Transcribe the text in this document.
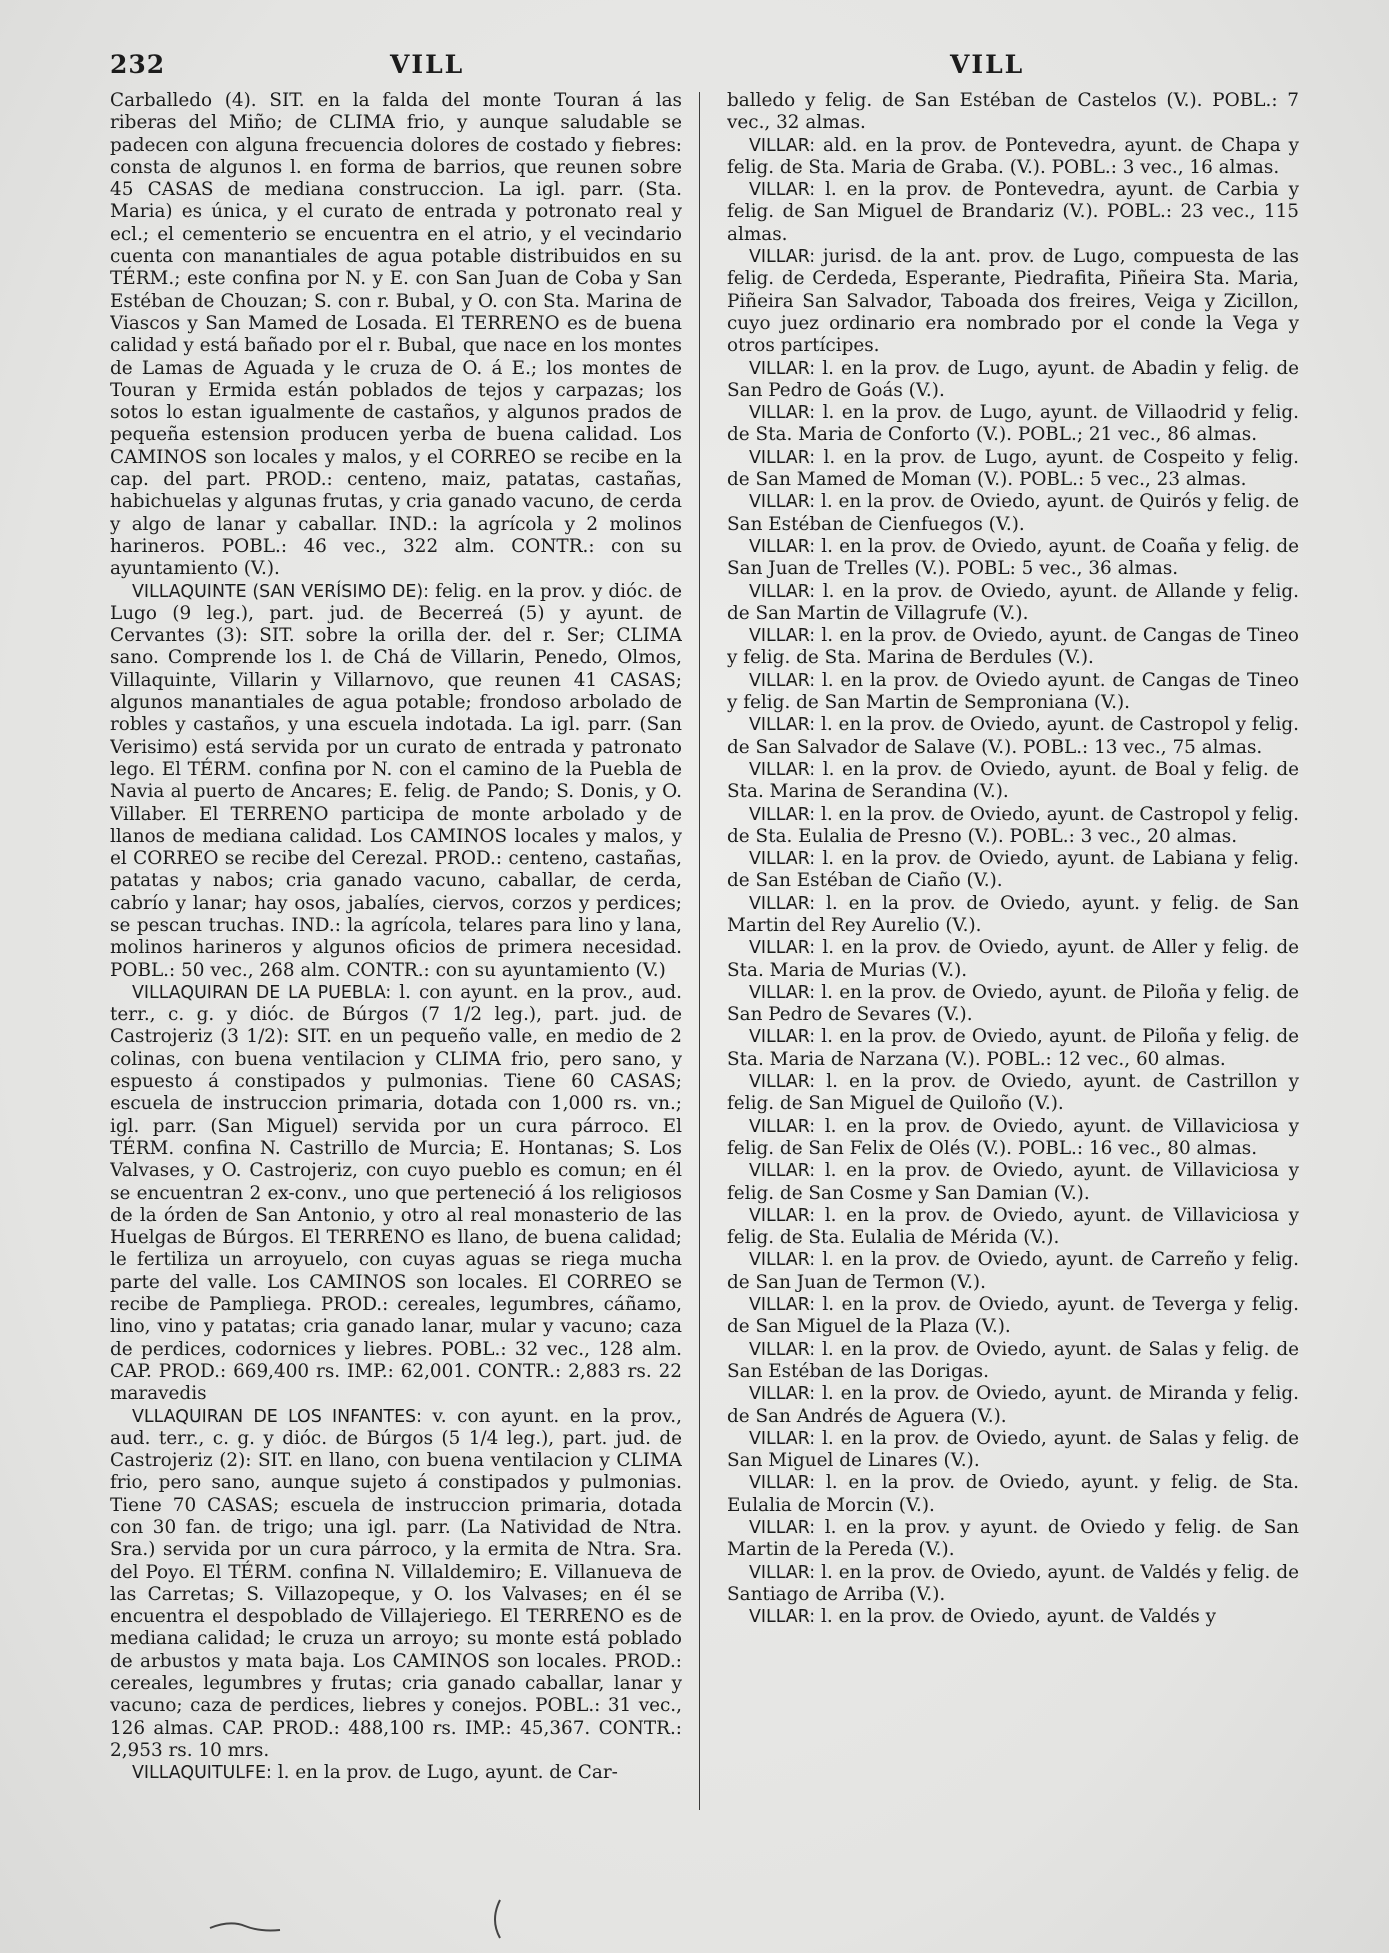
232	VILL	VILL

Carballedo (4). SIT. en la falda del monte Touran á las riberas del Miño; de CLIMA frio, y aunque saludable se padecen con alguna frecuencia dolores de costado y fiebres: consta de algunos l. en forma de barrios, que reunen sobre 45 CASAS de mediana construccion. La igl. parr. (Sta. Maria) es única, y el curato de entrada y potronato real y ecl.; el cementerio se encuentra en el atrio, y el vecindario cuenta con manantiales de agua potable distribuidos en su TÉRM.; este confina por N. y E. con San Juan de Coba y San Estéban de Chouzan; S. con r. Bubal, y O. con Sta. Marina de Viascos y San Mamed de Losada. El TERRENO es de buena calidad y está bañado por el r. Bubal, que nace en los montes de Lamas de Aguada y le cruza de O. á E.; los montes de Touran y Ermida están poblados de tejos y carpazas; los sotos lo estan igualmente de castaños, y algunos prados de pequeña estension producen yerba de buena calidad. Los CAMINOS son locales y malos, y el CORREO se recibe en la cap. del part. PROD.: centeno, maiz, patatas, castañas, habichuelas y algunas frutas, y cria ganado vacuno, de cerda y algo de lanar y caballar. IND.: la agrícola y 2 molinos harineros. POBL.: 46 vec., 322 alm. CONTR.: con su ayuntamiento (V.).

VILLAQUINTE (SAN VERÍSIMO DE): felig. en la prov. y dióc. de Lugo (9 leg.), part. jud. de Becerreá (5) y ayunt. de Cervantes (3): SIT. sobre la orilla der. del r. Ser; CLIMA sano. Comprende los l. de Chá de Villarin, Penedo, Olmos, Villaquinte, Villarin y Villarnovo, que reunen 41 CASAS; algunos manantiales de agua potable; frondoso arbolado de robles y castaños, y una escuela indotada. La igl. parr. (San Verisimo) está servida por un curato de entrada y patronato lego. El TÉRM. confina por N. con el camino de la Puebla de Navia al puerto de Ancares; E. felig. de Pando; S. Donis, y O. Villaber. El TERRENO participa de monte arbolado y de llanos de mediana calidad. Los CAMINOS locales y malos, y el CORREO se recibe del Cerezal. PROD.: centeno, castañas, patatas y nabos; cria ganado vacuno, caballar, de cerda, cabrío y lanar; hay osos, jabalíes, ciervos, corzos y perdices; se pescan truchas. IND.: la agrícola, telares para lino y lana, molinos harineros y algunos oficios de primera necesidad. POBL.: 50 vec., 268 alm. CONTR.: con su ayuntamiento (V.)

VILLAQUIRAN DE LA PUEBLA: l. con ayunt. en la prov., aud. terr., c. g. y dióc. de Búrgos (7 1/2 leg.), part. jud. de Castrojeriz (3 1/2): SIT. en un pequeño valle, en medio de 2 colinas, con buena ventilacion y CLIMA frio, pero sano, y espuesto á constipados y pulmonias. Tiene 60 CASAS; escuela de instruccion primaria, dotada con 1,000 rs. vn.; igl. parr. (San Miguel) servida por un cura párroco. El TÉRM. confina N. Castrillo de Murcia; E. Hontanas; S. Los Valvases, y O. Castrojeriz, con cuyo pueblo es comun; en él se encuentran 2 ex-conv., uno que perteneció á los religiosos de la órden de San Antonio, y otro al real monasterio de las Huelgas de Búrgos. El TERRENO es llano, de buena calidad; le fertiliza un arroyuelo, con cuyas aguas se riega mucha parte del valle. Los CAMINOS son locales. El CORREO se recibe de Pampliega. PROD.: cereales, legumbres, cáñamo, lino, vino y patatas; cria ganado lanar, mular y vacuno; caza de perdices, codornices y liebres. POBL.: 32 vec., 128 alm. CAP. PROD.: 669,400 rs. IMP.: 62,001. CONTR.: 2,883 rs. 22 maravedis

VLLAQUIRAN DE LOS INFANTES: v. con ayunt. en la prov., aud. terr., c. g. y dióc. de Búrgos (5 1/4 leg.), part. jud. de Castrojeriz (2): SIT. en llano, con buena ventilacion y CLIMA frio, pero sano, aunque sujeto á constipados y pulmonias. Tiene 70 CASAS; escuela de instruccion primaria, dotada con 30 fan. de trigo; una igl. parr. (La Natividad de Ntra. Sra.) servida por un cura párroco, y la ermita de Ntra. Sra. del Poyo. El TÉRM. confina N. Villaldemiro; E. Villanueva de las Carretas; S. Villazopeque, y O. los Valvases; en él se encuentra el despoblado de Villajeriego. El TERRENO es de mediana calidad; le cruza un arroyo; su monte está poblado de arbustos y mata baja. Los CAMINOS son locales. PROD.: cereales, legumbres y frutas; cria ganado caballar, lanar y vacuno; caza de perdices, liebres y conejos. POBL.: 31 vec., 126 almas. CAP. PROD.: 488,100 rs. IMP.: 45,367. CONTR.: 2,953 rs. 10 mrs.

VILLAQUITULFE: l. en la prov. de Lugo, ayunt. de Car-

balledo y felig. de San Estéban de Castelos (V.). POBL.: 7 vec., 32 almas.

VILLAR: ald. en la prov. de Pontevedra, ayunt. de Chapa y felig. de Sta. Maria de Graba. (V.). POBL.: 3 vec., 16 almas.

VILLAR: l. en la prov. de Pontevedra, ayunt. de Carbia y felig. de San Miguel de Brandariz (V.). POBL.: 23 vec., 115 almas.

VILLAR: jurisd. de la ant. prov. de Lugo, compuesta de las felig. de Cerdeda, Esperante, Piedrafita, Piñeira Sta. Maria, Piñeira San Salvador, Taboada dos freires, Veiga y Zicillon, cuyo juez ordinario era nombrado por el conde la Vega y otros partícipes.

VILLAR: l. en la prov. de Lugo, ayunt. de Abadin y felig. de San Pedro de Goás (V.).

VILLAR: l. en la prov. de Lugo, ayunt. de Villaodrid y felig. de Sta. Maria de Conforto (V.). POBL.; 21 vec., 86 almas.

VILLAR: l. en la prov. de Lugo, ayunt. de Cospeito y felig. de San Mamed de Moman (V.). POBL.: 5 vec., 23 almas.

VILLAR: l. en la prov. de Oviedo, ayunt. de Quirós y felig. de San Estéban de Cienfuegos (V.).

VILLAR: l. en la prov. de Oviedo, ayunt. de Coaña y felig. de San Juan de Trelles (V.). POBL: 5 vec., 36 almas.

VILLAR: l. en la prov. de Oviedo, ayunt. de Allande y felig. de San Martin de Villagrufe (V.).

VILLAR: l. en la prov. de Oviedo, ayunt. de Cangas de Tineo y felig. de Sta. Marina de Berdules (V.).

VILLAR: l. en la prov. de Oviedo ayunt. de Cangas de Tineo y felig. de San Martin de Semproniana (V.).

VILLAR: l. en la prov. de Oviedo, ayunt. de Castropol y felig. de San Salvador de Salave (V.). POBL.: 13 vec., 75 almas.

VILLAR: l. en la prov. de Oviedo, ayunt. de Boal y felig. de Sta. Marina de Serandina (V.).

VILLAR: l. en la prov. de Oviedo, ayunt. de Castropol y felig. de Sta. Eulalia de Presno (V.). POBL.: 3 vec., 20 almas.

VILLAR: l. en la prov. de Oviedo, ayunt. de Labiana y felig. de San Estéban de Ciaño (V.).

VILLAR: l. en la prov. de Oviedo, ayunt. y felig. de San Martin del Rey Aurelio (V.).

VILLAR: l. en la prov. de Oviedo, ayunt. de Aller y felig. de Sta. Maria de Murias (V.).

VILLAR: l. en la prov. de Oviedo, ayunt. de Piloña y felig. de San Pedro de Sevares (V.).

VILLAR: l. en la prov. de Oviedo, ayunt. de Piloña y felig. de Sta. Maria de Narzana (V.). POBL.: 12 vec., 60 almas.

VILLAR: l. en la prov. de Oviedo, ayunt. de Castrillon y felig. de San Miguel de Quiloño (V.).

VILLAR: l. en la prov. de Oviedo, ayunt. de Villaviciosa y felig. de San Felix de Olés (V.). POBL.: 16 vec., 80 almas.

VILLAR: l. en la prov. de Oviedo, ayunt. de Villaviciosa y felig. de San Cosme y San Damian (V.).

VILLAR: l. en la prov. de Oviedo, ayunt. de Villaviciosa y felig. de Sta. Eulalia de Mérida (V.).

VILLAR: l. en la prov. de Oviedo, ayunt. de Carreño y felig. de San Juan de Termon (V.).

VILLAR: l. en la prov. de Oviedo, ayunt. de Teverga y felig. de San Miguel de la Plaza (V.).

VILLAR: l. en la prov. de Oviedo, ayunt. de Salas y felig. de San Estéban de las Dorigas.

VILLAR: l. en la prov. de Oviedo, ayunt. de Miranda y felig. de San Andrés de Aguera (V.).

VILLAR: l. en la prov. de Oviedo, ayunt. de Salas y felig. de San Miguel de Linares (V.).

VILLAR: l. en la prov. de Oviedo, ayunt. y felig. de Sta. Eulalia de Morcin (V.).

VILLAR: l. en la prov. y ayunt. de Oviedo y felig. de San Martin de la Pereda (V.).

VILLAR: l. en la prov. de Oviedo, ayunt. de Valdés y felig. de Santiago de Arriba (V.).

VILLAR: l. en la prov. de Oviedo, ayunt. de Valdés y
